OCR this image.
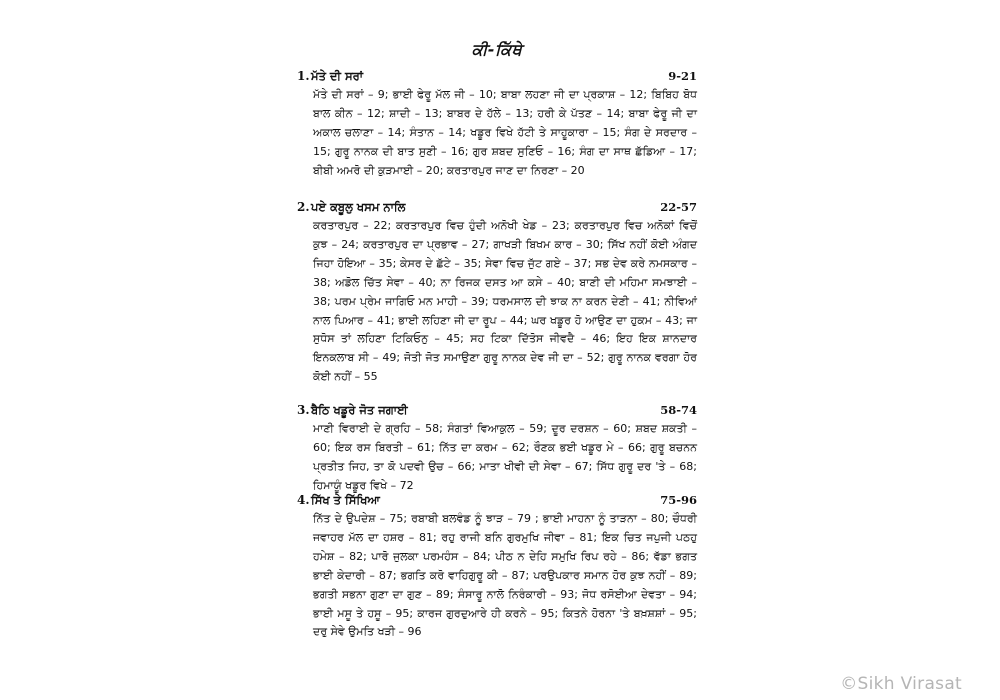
ਕੀ-ਕਿੱਥੇ
1. ਮੱਤੇ ਦੀ ਸਰਾਂ	9-21
ਮੱਤੇ ਦੀ ਸਰਾਂ – 9; ਭਾਈ ਫੇਰੂ ਮੱਲ ਜੀ – 10; ਬਾਬਾ ਲਹਣਾ ਜੀ ਦਾ ਪ੍ਰਕਾਸ਼ – 12; ਬਿਬਿਹ ਬੋਧ ਬਾਲ ਕੀਨ – 12; ਸ਼ਾਦੀ – 13; ਬਾਬਰ ਦੇ ਹੱਲੇ – 13; ਹਰੀ ਕੇ ਪੱਤਣ – 14; ਬਾਬਾ ਫੇਰੂ ਜੀ ਦਾ ਅਕਾਲ ਚਲਾਣਾ – 14; ਸੰਤਾਨ – 14; ਖਡੂਰ ਵਿਖੇ ਹੱਟੀ ਤੇ ਸਾਹੂਕਾਰਾ – 15; ਸੰਗ ਦੇ ਸਰਦਾਰ – 15; ਗੁਰੂ ਨਾਨਕ ਦੀ ਬਾਤ ਸੁਣੀ – 16; ਗੁਰ ਸ਼ਬਦ ਸੁਣਿਓ – 16; ਸੰਗ ਦਾ ਸਾਥ ਛੱਡਿਆ – 17; ਬੀਬੀ ਅਮਰੋ ਦੀ ਕੁੜਮਾਈ – 20; ਕਰਤਾਰਪੁਰ ਜਾਣ ਦਾ ਨਿਰਣਾ – 20
2. ਪਏ ਕਬੂਲੁ ਖਸਮ ਨਾਲਿ	22-57
ਕਰਤਾਰਪੁਰ – 22; ਕਰਤਾਰਪੁਰ ਵਿਚ ਹੁੰਦੀ ਅਨੋਖੀ ਖੇਡ – 23; ਕਰਤਾਰਪੁਰ ਵਿਚ ਅਨੋਕਾਂ ਵਿਚੋਂ ਕੁਝ – 24; ਕਰਤਾਰਪੁਰ ਦਾ ਪ੍ਰਭਾਵ – 27; ਗਾਖੜੀ ਬਿਖਮ ਕਾਰ – 30; ਸਿੱਖ ਨਹੀਂ ਕੋਈ ਅੰਗਦ ਜਿਹਾ ਹੋਇਆ – 35; ਕੇਸਰ ਦੇ ਛੱਟੇ – 35; ਸੇਵਾ ਵਿਚ ਜੁੱਟ ਗਏ – 37; ਸਭ ਦੇਵ ਕਰੇ ਨਮਸਕਾਰ – 38; ਅਡੋਲ ਚਿੱਤ ਸੇਵਾ – 40; ਨਾ ਰਿਜਕ ਦਸਤ ਆ ਕਸੇ – 40; ਬਾਣੀ ਦੀ ਮਹਿਮਾ ਸਮਝਾਈ – 38; ਪਰਮ ਪ੍ਰੇਮ ਜਾਗਿਓ ਮਨ ਮਾਹੀ – 39; ਧਰਮਸਾਲ ਦੀ ਝਾਕ ਨਾ ਕਰਨ ਦੇਣੀ – 41; ਨੀਵਿਆਂ ਨਾਲ ਪਿਆਰ – 41; ਭਾਈ ਲਹਿਣਾ ਜੀ ਦਾ ਰੂਪ – 44; ਘਰ ਖਡੂਰ ਹੋ ਆਉਣ ਦਾ ਹੁਕਮ – 43; ਜਾ ਸੁਧੋਸ ਤਾਂ ਲਹਿਣਾ ਟਿਕਿਓਨੁ – 45; ਸਹ ਟਿਕਾ ਦਿੱਤੋਸ ਜੀਵਦੈ – 46; ਇਹ ਇਕ ਸ਼ਾਨਦਾਰ ਇਨਕਲਾਬ ਸੀ – 49; ਜੋਤੀ ਜੋਤ ਸਮਾਉਣਾ ਗੁਰੂ ਨਾਨਕ ਦੇਵ ਜੀ ਦਾ – 52; ਗੁਰੂ ਨਾਨਕ ਵਰਗਾ ਹੋਰ ਕੋਈ ਨਹੀਂ – 55
3. ਬੈਠਿ ਖਡੂਰੇ ਜੋਤ ਜਗਾਈ	58-74
ਮਾਣੀ ਵਿਰਾਈ ਦੇ ਗ੍ਰਹਿ – 58; ਸੰਗਤਾਂ ਵਿਆਕੁਲ – 59; ਦੂਰ ਦਰਸ਼ਨ – 60; ਸ਼ਬਦ ਸ਼ਕਤੀ – 60; ਇਕ ਰਸ ਬਿਰਤੀ – 61; ਨਿੱਤ ਦਾ ਕਰਮ – 62; ਰੌਣਕ ਭਈ ਖਡੂਰ ਮੇ – 66; ਗੁਰੂ ਬਚਨਨ ਪ੍ਰਤੀਤ ਜਿਹ, ਤਾ ਕੋ ਪਦਵੀ ਉਚ – 66; ਮਾਤਾ ਖੀਵੀ ਦੀ ਸੇਵਾ – 67; ਸਿੱਧ ਗੁਰੂ ਦਰ 'ਤੇ – 68; ਹਿਮਾਯੂੰ ਖਡੂਰ ਵਿਖੇ – 72
4. ਸਿੱਖ ਤੇ ਸਿੱਖਿਆ	75-96
ਨਿੱਤ ਦੇ ਉਪਦੇਸ਼ – 75; ਰਬਾਬੀ ਬਲਵੰਡ ਨੂੰ ਝਾੜ – 79 ; ਭਾਈ ਮਾਹਨਾ ਨੂੰ ਤਾੜਨਾ – 80; ਚੌਧਰੀ ਜਵਾਹਰ ਮੱਲ ਦਾ ਹਸ਼ਰ – 81; ਰਹੁ ਰਾਜੀ ਬਨਿ ਗੁਰਮੁਖਿ ਜੀਵਾ – 81; ਇਕ ਚਿਤ ਜਪੁਜੀ ਪਠਹੁ ਹਮੇਸ਼ – 82; ਪਾਰੋ ਜੁਲਕਾ ਪਰਮਹੰਸ – 84; ਪੀਠ ਨ ਦੇਹਿ ਸਮੁਖਿ ਰਿਪ ਰਹੇ – 86; ਵੱਡਾ ਭਗਤ ਭਾਈ ਕੇਦਾਰੀ – 87; ਭਗਤਿ ਕਰੋ ਵਾਹਿਗੁਰੂ ਕੀ – 87; ਪਰਉਪਕਾਰ ਸਮਾਨ ਹੋਰ ਕੁਝ ਨਹੀਂ – 89; ਭਗਤੀ ਸਭਨਾ ਗੁਣਾ ਦਾ ਗੁਣ – 89; ਸੰਸਾਰੂ ਨਾਲੋ ਨਿਰੰਕਾਰੀ – 93; ਜੋਧ ਰਸੋਈਆ ਦੇਵਤਾ – 94; ਭਾਈ ਮਸੂ ਤੇ ਹਸੂ – 95; ਕਾਰਜ ਗੁਰਦੁਆਰੇ ਹੀ ਕਰਨੇ – 95; ਕਿਤਨੇ ਹੋਰਨਾ 'ਤੇ ਬਖ਼ਸ਼ਸ਼ਾਂ – 95; ਦਰੁ ਸੇਵੇ ਉਮਤਿ ਖੜੀ – 96
©Sikh Virasat
